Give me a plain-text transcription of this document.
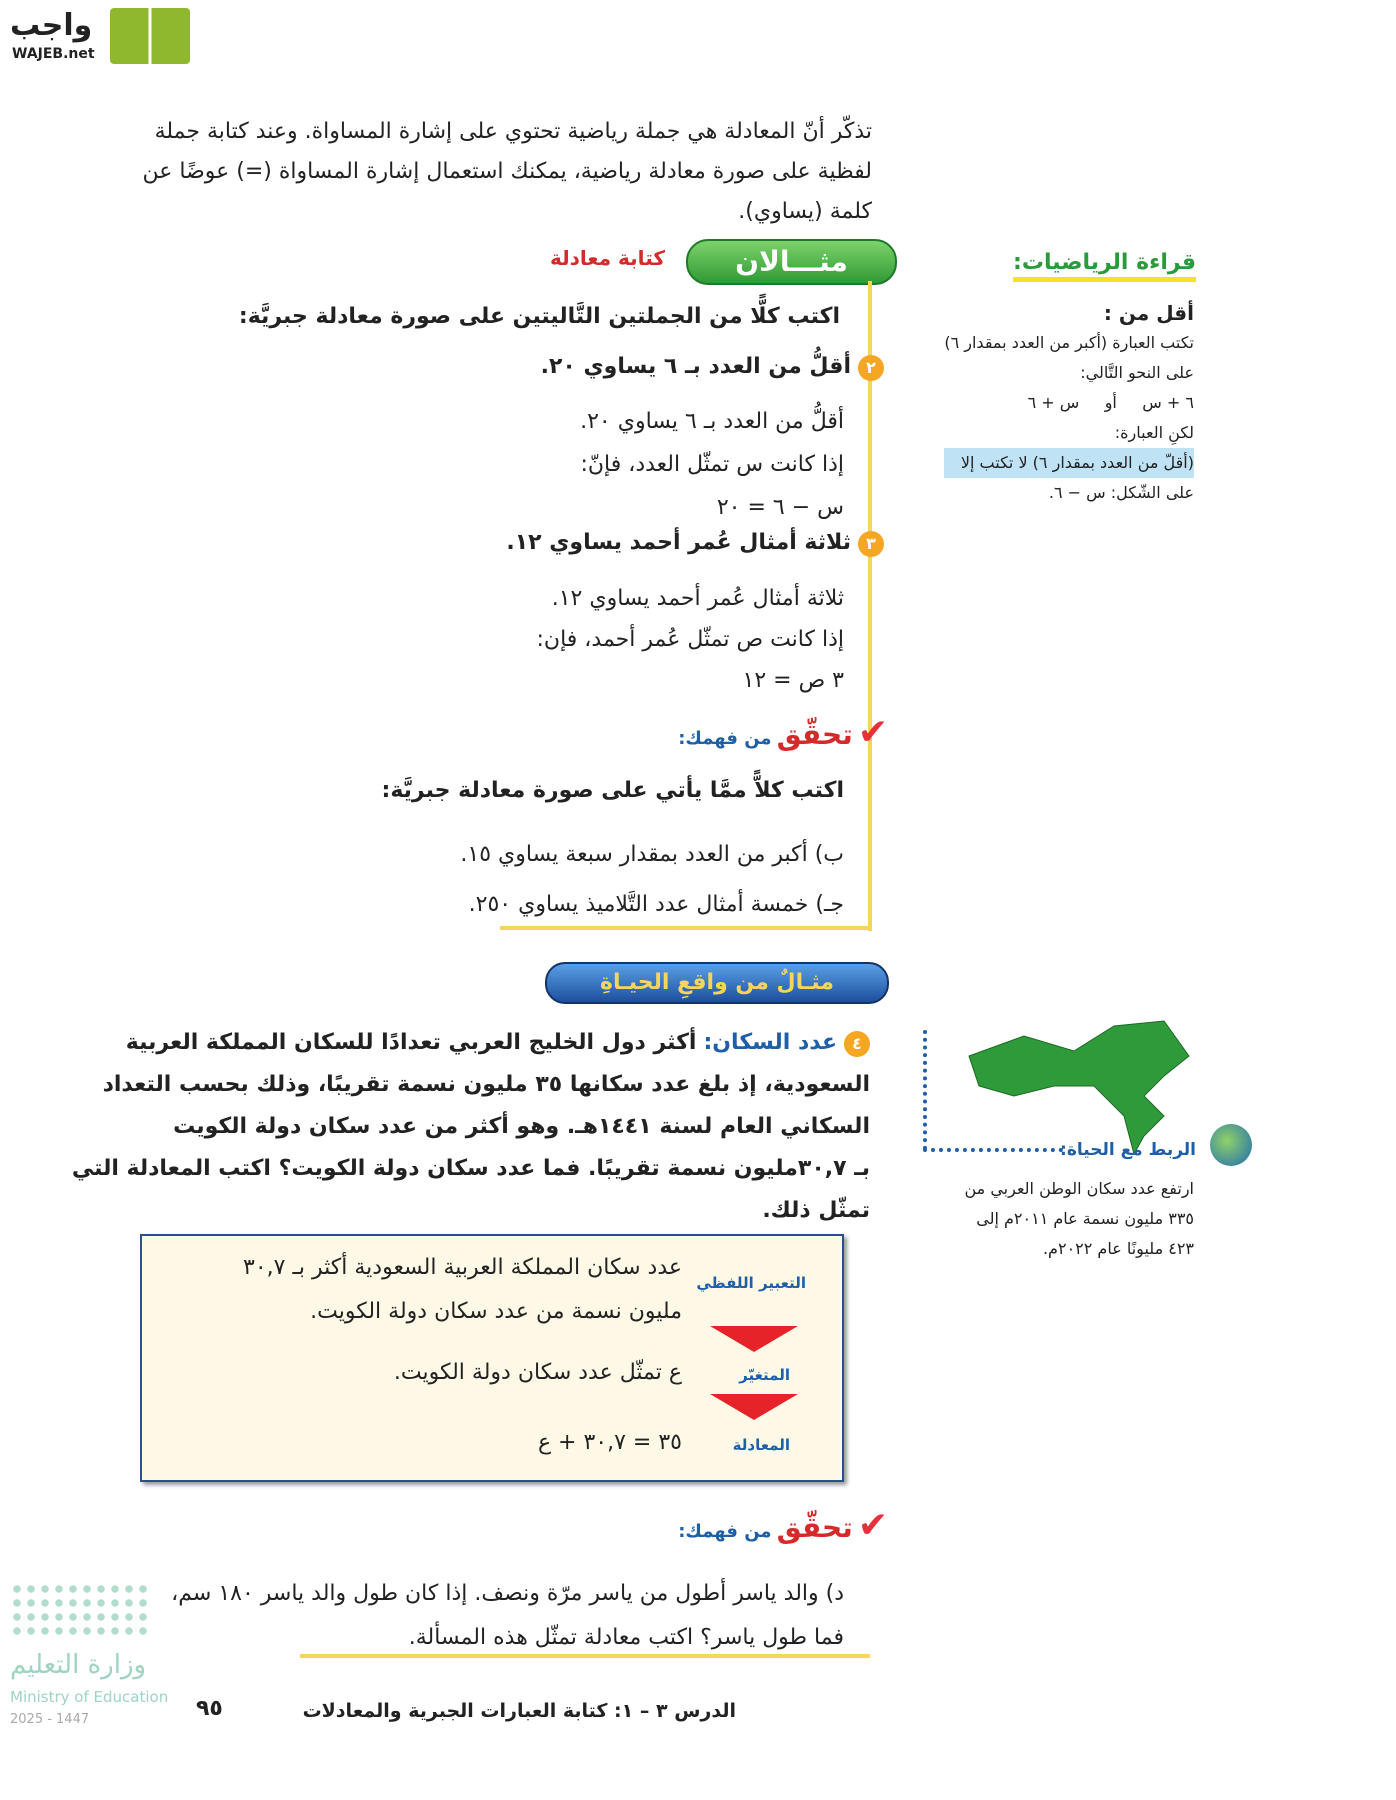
واجب
WAJEB.net
تذكّر أنّ المعادلة هي جملة رياضية تحتوي على إشارة المساواة. وعند كتابة جملة
لفظية على صورة معادلة رياضية، يمكنك استعمال إشارة المساواة (=) عوضًا عن
كلمة (يساوي).
مثـــالان
كتابة معادلة
اكتب كلًّا من الجملتين التَّاليتين على صورة معادلة جبريَّة:
٢ أقلُّ من العدد بـ ٦ يساوي ٢٠.
أقلُّ من العدد بـ ٦ يساوي ٢٠.
إذا كانت س تمثّل العدد، فإنّ:
س − ٦ = ٢٠
٣ ثلاثة أمثال عُمر أحمد يساوي ١٢.
ثلاثة أمثال عُمر أحمد يساوي ١٢.
إذا كانت ص تمثّل عُمر أحمد، فإن:
٣ ص = ١٢
✔ تحقّق من فهمك:
اكتب كلاًّ ممَّا يأتي على صورة معادلة جبريَّة:
ب) أكبر من العدد بمقدار سبعة يساوي ١٥.
جـ) خمسة أمثال عدد التَّلاميذ يساوي ٢٥٠.
مثـالٌ من واقعِ الحيـاةِ
٤ عدد السكان: أكثر دول الخليج العربي تعدادًا للسكان المملكة العربية
السعودية، إذ بلغ عدد سكانها ٣٥ مليون نسمة تقريبًا، وذلك بحسب التعداد
السكاني العام لسنة ١٤٤١هـ. وهو أكثر من عدد سكان دولة الكويت
بـ ٣٠,٧مليون نسمة تقريبًا. فما عدد سكان دولة الكويت؟ اكتب المعادلة التي
تمثّل ذلك.
التعبير اللفظي
المتغيّر
المعادلة
عدد سكان المملكة العربية السعودية أكثر بـ ٣٠,٧
مليون نسمة من عدد سكان دولة الكويت.
ع تمثّل عدد سكان دولة الكويت.
٣٥ = ٣٠,٧ + ع
✔ تحقّق من فهمك:
د) والد ياسر أطول من ياسر مرّة ونصف. إذا كان طول والد ياسر ١٨٠ سم،
فما طول ياسر؟ اكتب معادلة تمثّل هذه المسألة.
قراءة الرياضيات:
أقل من :
تكتب العبارة (أكبر من العدد بمقدار ٦)
على النحو التَّالي:
٦ + س     أو     س + ٦
لكنِ العبارة:
(أقلّ من العدد بمقدار ٦) لا تكتب إلا
على الشّكل: س − ٦.
الربط مع الحياة:
ارتفع عدد سكان الوطن العربي من
٣٣٥ مليون نسمة عام ٢٠١١م إلى
٤٢٣ مليونًا عام ٢٠٢٢م.
وزارة التعليم
Ministry of Education
2025 - 1447	٩٥	الدرس ٣ – ١: كتابة العبارات الجبرية والمعادلات
